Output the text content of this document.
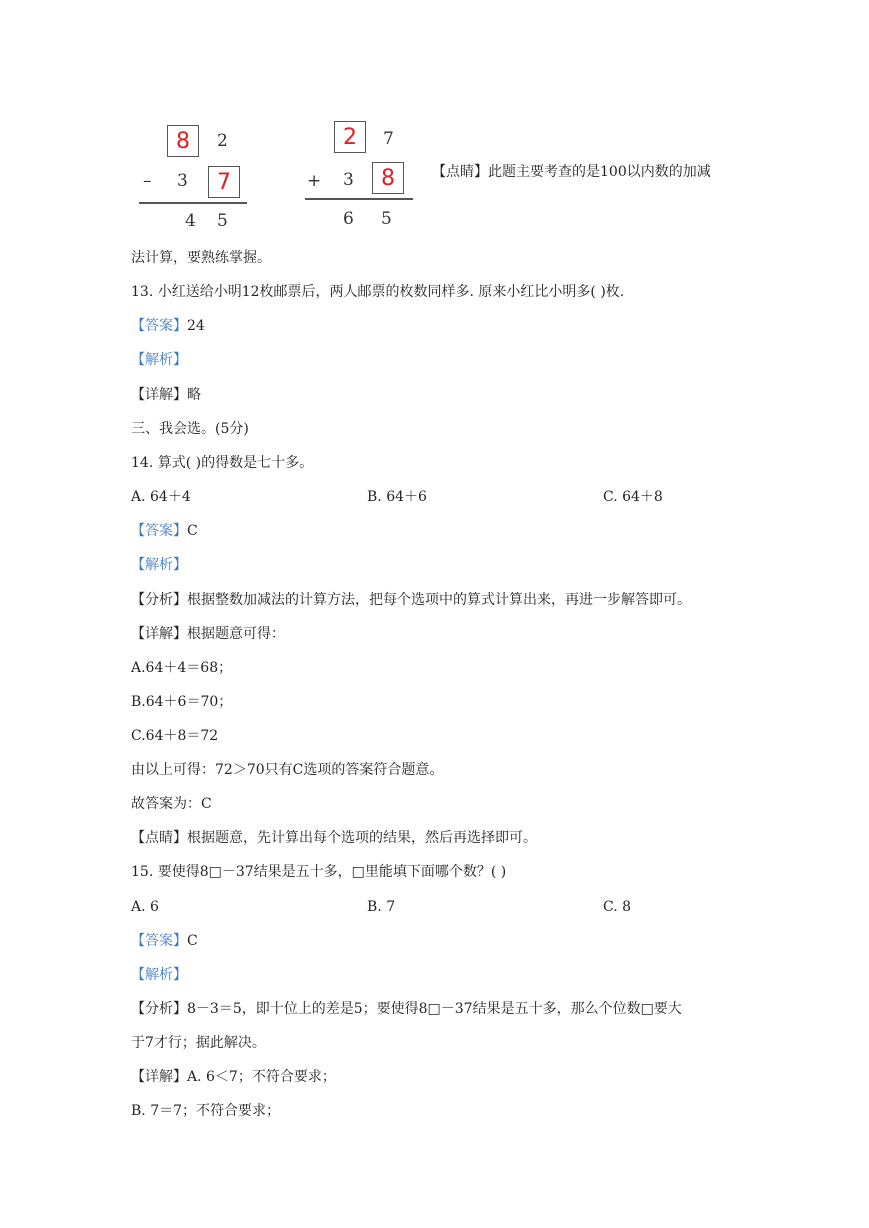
8	2
– 3	7
4 5
2	7
+ 3	8
6 5
【点睛】此题主要考查的是100以内数的加减
法计算，要熟练掌握。
13. 小红送给小明12枚邮票后，两人邮票的枚数同样多. 原来小红比小明多( )枚.
【答案】24
【解析】
【详解】略
三、我会选。(5分)
14. 算式( )的得数是七十多。
A. 64＋4	B. 64＋6	C. 64＋8
【答案】C
【解析】
【分析】根据整数加减法的计算方法，把每个选项中的算式计算出来，再进一步解答即可。
【详解】根据题意可得：
A.64＋4＝68；
B.64＋6＝70；
C.64＋8＝72
由以上可得：72＞70只有C选项的答案符合题意。
故答案为：C
【点睛】根据题意，先计算出每个选项的结果，然后再选择即可。
15. 要使得8□－37结果是五十多，□里能填下面哪个数？( )
A. 6	B. 7	C. 8
【答案】C
【解析】
【分析】8－3＝5，即十位上的差是5；要使得8□－37结果是五十多，那么个位数□要大
于7才行；据此解决。
【详解】A. 6＜7；不符合要求；
B. 7＝7；不符合要求；
